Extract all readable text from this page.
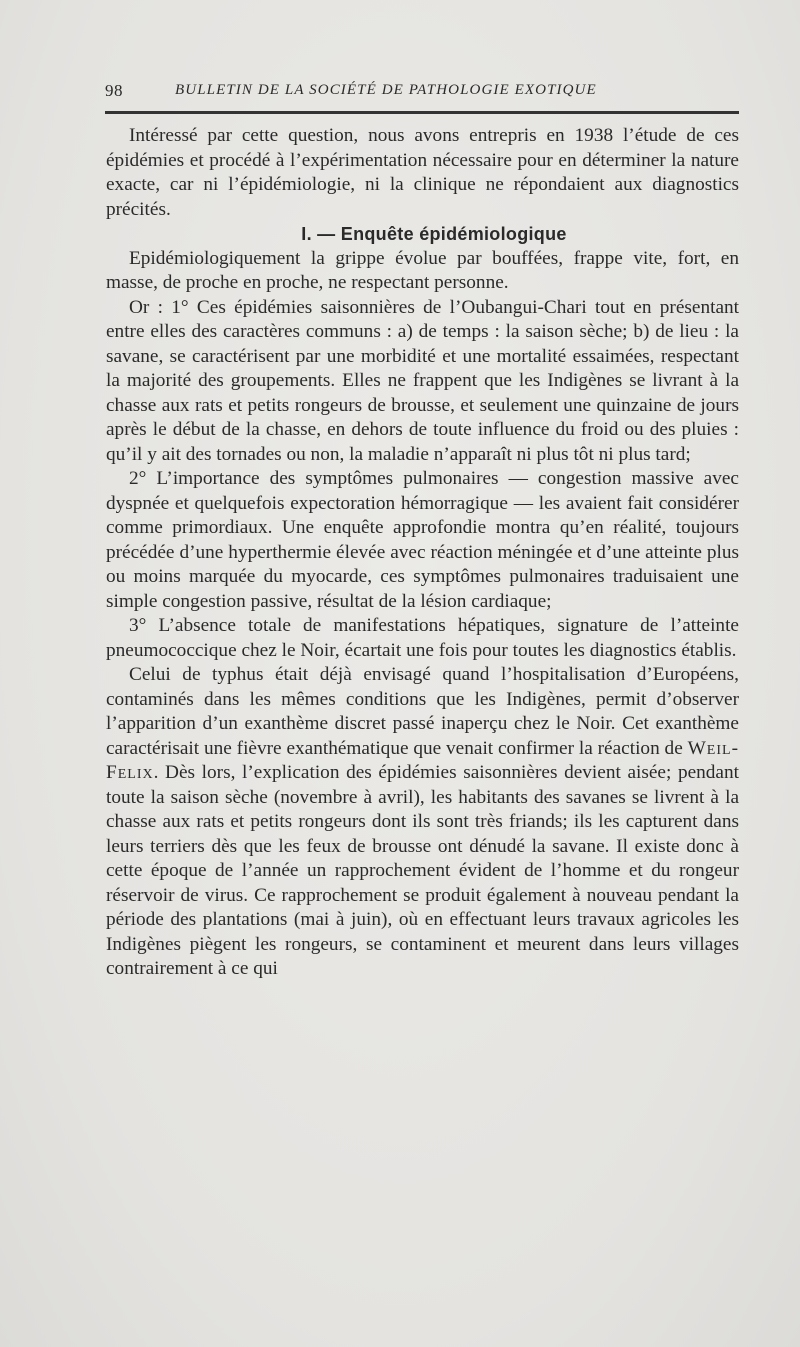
98	BULLETIN DE LA SOCIÉTÉ DE PATHOLOGIE EXOTIQUE

Intéressé par cette question, nous avons entrepris en 1938 l’étude de ces épidémies et procédé à l’expérimentation nécessaire pour en déterminer la nature exacte, car ni l’épidémiologie, ni la clinique ne répondaient aux diagnostics précités.

I. — Enquête épidémiologique

Epidémiologiquement la grippe évolue par bouffées, frappe vite, fort, en masse, de proche en proche, ne respectant personne.

Or : 1° Ces épidémies saisonnières de l’Oubangui-Chari tout en présentant entre elles des caractères communs : a) de temps : la saison sèche; b) de lieu : la savane, se caractérisent par une morbidité et une mortalité essaimées, respectant la majorité des groupements. Elles ne frappent que les Indigènes se livrant à la chasse aux rats et petits rongeurs de brousse, et seulement une quinzaine de jours après le début de la chasse, en dehors de toute influence du froid ou des pluies : qu’il y ait des tornades ou non, la maladie n’apparaît ni plus tôt ni plus tard;

2° L’importance des symptômes pulmonaires — congestion massive avec dyspnée et quelquefois expectoration hémorragique — les avaient fait considérer comme primordiaux. Une enquête approfondie montra qu’en réalité, toujours précédée d’une hyperthermie élevée avec réaction méningée et d’une atteinte plus ou moins marquée du myocarde, ces symptômes pulmonaires traduisaient une simple congestion passive, résultat de la lésion cardiaque;

3° L’absence totale de manifestations hépatiques, signature de l’atteinte pneumococcique chez le Noir, écartait une fois pour toutes les diagnostics établis.

Celui de typhus était déjà envisagé quand l’hospitalisation d’Européens, contaminés dans les mêmes conditions que les Indigènes, permit d’observer l’apparition d’un exanthème discret passé inaperçu chez le Noir. Cet exanthème caractérisait une fièvre exanthématique que venait confirmer la réaction de Weil-Felix. Dès lors, l’explication des épidémies saisonnières devient aisée; pendant toute la saison sèche (novembre à avril), les habitants des savanes se livrent à la chasse aux rats et petits rongeurs dont ils sont très friands; ils les capturent dans leurs terriers dès que les feux de brousse ont dénudé la savane. Il existe donc à cette époque de l’année un rapprochement évident de l’homme et du rongeur réservoir de virus. Ce rapprochement se produit également à nouveau pendant la période des plantations (mai à juin), où en effectuant leurs travaux agricoles les Indigènes piègent les rongeurs, se contaminent et meurent dans leurs villages contrairement à ce qui
